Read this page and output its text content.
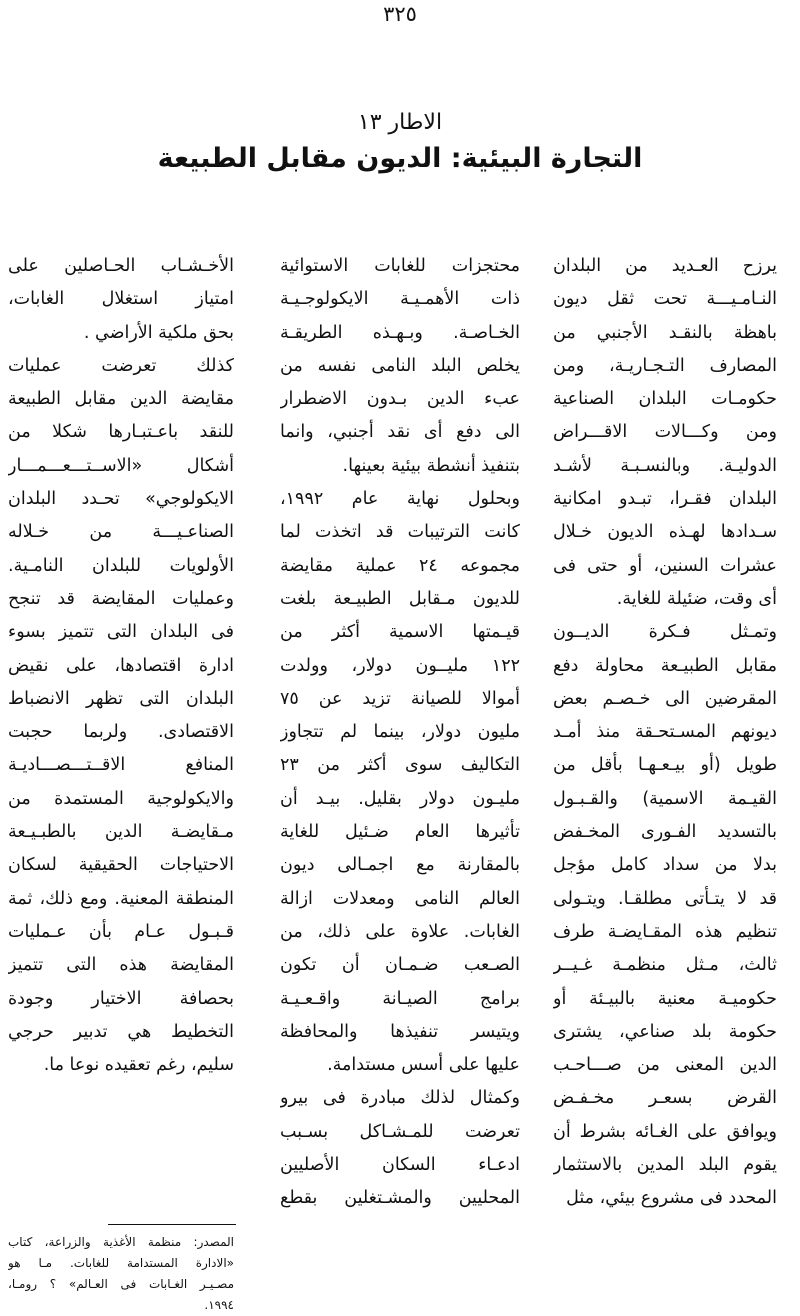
٣٢٥
الاطار ١٣
التجارة البيئية: الديون مقابل الطبيعة
يرزح العـديد من البلدان
النـامـيـــة تحت ثقل ديون
باهظة بالنقـد الأجنبي من
المصارف التـجـاريـة، ومن
حكومـات البلدان الصناعية
ومن وكـــالات الاقـــراض
الدوليـة. وبالنسـبـة لأشـد
البلدان فقـرا، تبـدو امكانية
سـدادها لهـذه الديون خـلال
عشرات السنين، أو حتى فى
أى وقت، ضئيلة للغاية.
وتمـثل فـكرة الديــون
مقابل الطبيـعة محاولة دفع
المقرضين الى خـصـم بعض
ديونهم المسـتحـقة منذ أمـد
طويل (أو بيـعـهـا بأقل من
القيـمة الاسمية) والقـبـول
بالتسديد الفـورى المخـفض
بدلا من سداد كامل مؤجل
قد لا يتـأتى مطلقـا. ويتـولى
تنظيم هذه المقـايضـة طرف
ثالث، مـثل منظمـة غـيــر
حكوميـة معنية بالبيـئة أو
حكومة بلد صناعي، يشترى
الدين المعنى من صـــاحـب
القرض بسعـر مخـفـض
ويوافق على الغـائه بشرط أن
يقوم البلد المدين بالاستثمار
المحدد فى مشروع بيئي، مثل
محتجزات للغابات الاستوائية
ذات الأهمـيـة الايكولوجـيـة
الخـاصـة. وبـهـذه الطريقـة
يخلص البلد النامى نفسه من
عبء الدين بـدون الاضطرار
الى دفع أى نقد أجنبي، وانما
بتنفيذ أنشطة بيئية بعينها.
وبحلول نهاية عام ١٩٩٢،
كانت الترتيبات قد اتخذت لما
مجموعه ٢٤ عملية مقايضة
للديون مـقابل الطبيـعة بلغت
قيـمتها الاسمية أكثر من
١٢٢ مليــون دولار، وولدت
أموالا للصيانة تزيد عن ٧٥
مليون دولار، بينما لم تتجاوز
التكاليف سوى أكثر من ٢٣
مليـون دولار بقليل. بيـد أن
تأثيرها العام ضـئيل للغاية
بالمقارنة مع اجمـالى ديون
العالم النامى ومعدلات ازالة
الغابات. علاوة على ذلك، من
الصـعب ضـمـان أن تكون
برامج الصيـانة واقـعـيـة
ويتيسر تنفيذها والمحافظة
عليها على أسس مستدامة.
وكمثال لذلك مبادرة فى بيرو
تعرضت للمـشـاكل بسـبب
ادعـاء السكان الأصليين
المحليين والمشـتغلين بقطع
الأخـشـاب الحـاصلين على
امتياز استغلال الغابات،
بحق ملكية الأراضي .
كذلك تعرضت عمليات
مقايضة الدين مقابل الطبيعة
للنقد باعـتبـارها شكلا من
أشكال «الاســتـــعـــمـــار
الايكولوجي» تحـدد البلدان
الصناعـيـــة من خـلاله
الأولويات للبلدان النامـية.
وعمليات المقايضة قد تنجح
فى البلدان التى تتميز بسوء
ادارة اقتصادها، على نقيض
البلدان التى تظهر الانضباط
الاقتصادى. ولربما حجبت
المنافع الاقــتـــصـــاديـة
والايكولوجية المستمدة من
مـقايضـة الدين بالطبـيـعة
الاحتياجات الحقيقية لسكان
المنطقة المعنية. ومع ذلك، ثمة
قـبـول عـام بأن عـمليات
المقايضة هذه التى تتميز
بحصافة الاختيار وجودة
التخطيط هي تدبير حرجي
سليم، رغم تعقيده نوعا ما.
المصدر: منظمة الأغذية والزراعة، كتاب
«الادارة المستدامة للغابات. مـا هو
مصـيـر الغـابات فى العـالم» ؟ رومـا،
١٩٩٤.
